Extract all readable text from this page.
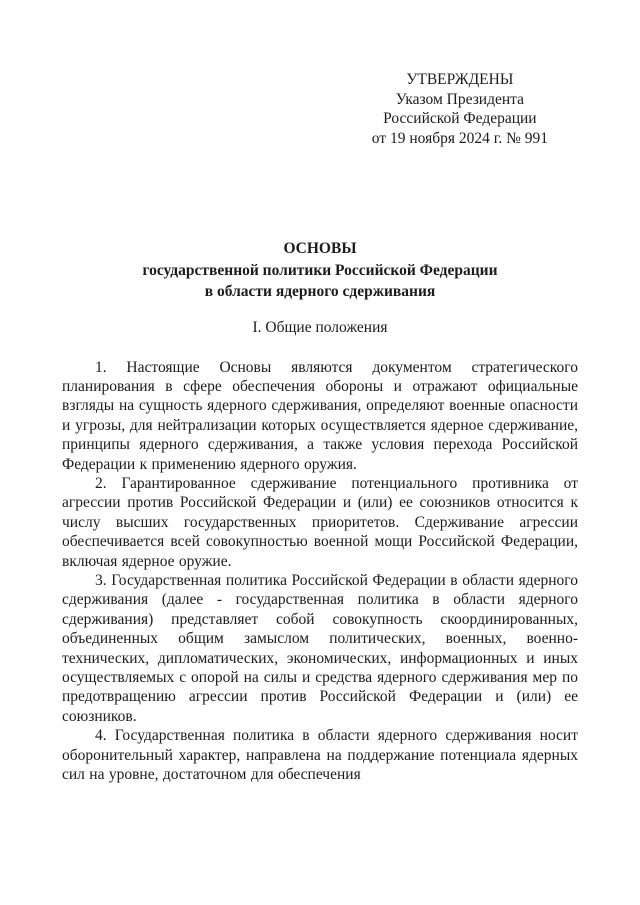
УТВЕРЖДЕНЫ
Указом Президента
Российской Федерации
от 19 ноября 2024 г. № 991
ОСНОВЫ
государственной политики Российской Федерации
в области ядерного сдерживания
I. Общие положения

1. Настоящие Основы являются документом стратегического планирования в сфере обеспечения обороны и отражают официальные взгляды на сущность ядерного сдерживания, определяют военные опасности и угрозы, для нейтрализации которых осуществляется ядерное сдерживание, принципы ядерного сдерживания, а также условия перехода Российской Федерации к применению ядерного оружия.

2. Гарантированное сдерживание потенциального противника от агрессии против Российской Федерации и (или) ее союзников относится к числу высших государственных приоритетов. Сдерживание агрессии обеспечивается всей совокупностью военной мощи Российской Федерации, включая ядерное оружие.

3. Государственная политика Российской Федерации в области ядерного сдерживания (далее - государственная политика в области ядерного сдерживания) представляет собой совокупность скоординированных, объединенных общим замыслом политических, военных, военно-технических, дипломатических, экономических, информационных и иных осуществляемых с опорой на силы и средства ядерного сдерживания мер по предотвращению агрессии против Российской Федерации и (или) ее союзников.

4. Государственная политика в области ядерного сдерживания носит оборонительный характер, направлена на поддержание потенциала ядерных сил на уровне, достаточном для обеспечения
